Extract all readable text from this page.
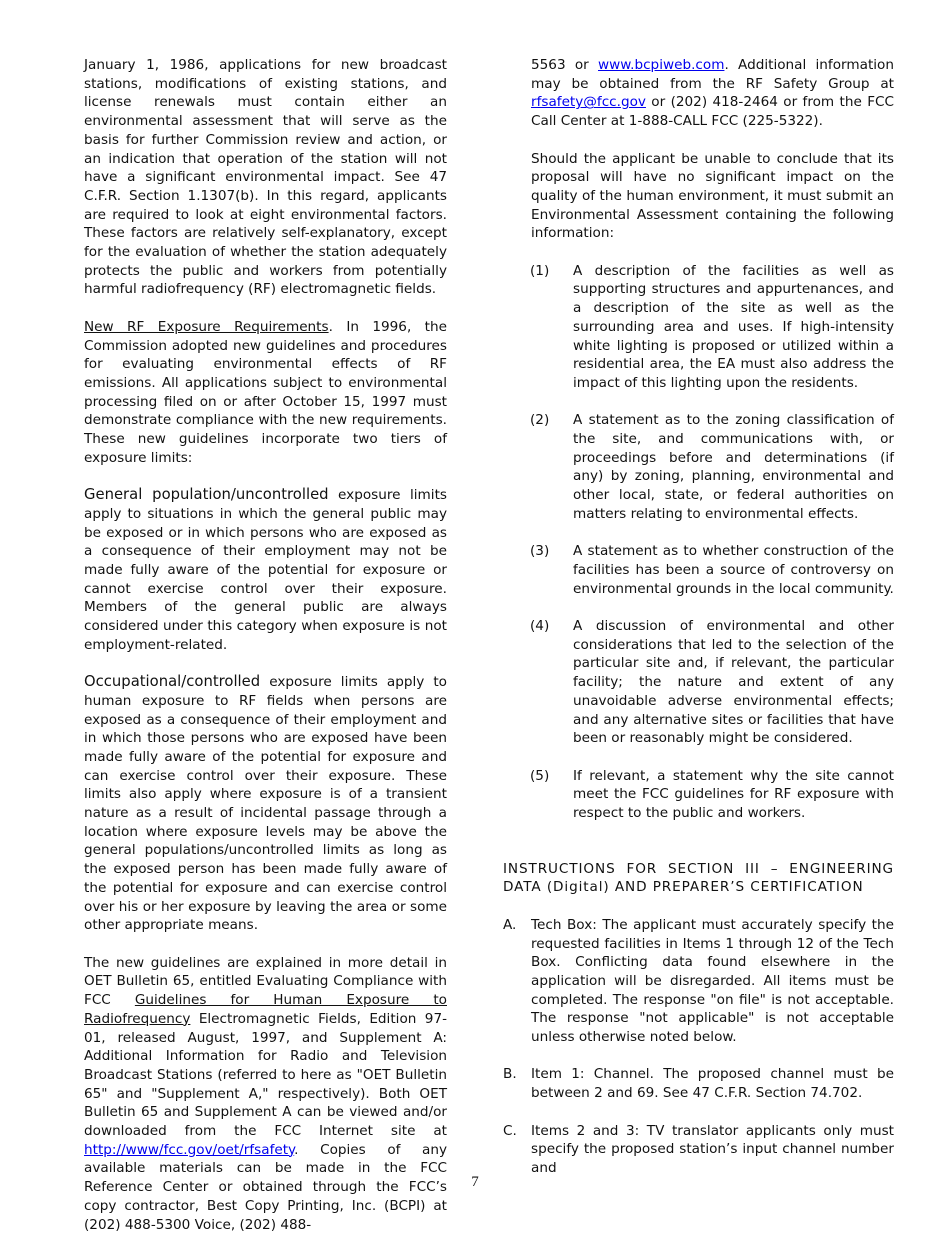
January 1, 1986, applications for new broadcast stations, modifications of existing stations, and license renewals must contain either an environmental assessment that will serve as the basis for further Commission review and action, or an indication that operation of the station will not have a significant environmental impact. See 47 C.F.R. Section 1.1307(b). In this regard, applicants are required to look at eight environmental factors. These factors are relatively self-explanatory, except for the evaluation of whether the station adequately protects the public and workers from potentially harmful radiofrequency (RF) electromagnetic fields.

New RF Exposure Requirements. In 1996, the Commission adopted new guidelines and procedures for evaluating environmental effects of RF emissions. All applications subject to environmental processing filed on or after October 15, 1997 must demonstrate compliance with the new requirements. These new guidelines incorporate two tiers of exposure limits:

General population/uncontrolled exposure limits apply to situations in which the general public may be exposed or in which persons who are exposed as a consequence of their employment may not be made fully aware of the potential for exposure or cannot exercise control over their exposure. Members of the general public are always considered under this category when exposure is not employment-related.

Occupational/controlled exposure limits apply to human exposure to RF fields when persons are exposed as a consequence of their employment and in which those persons who are exposed have been made fully aware of the potential for exposure and can exercise control over their exposure. These limits also apply where exposure is of a transient nature as a result of incidental passage through a location where exposure levels may be above the general populations/uncontrolled limits as long as the exposed person has been made fully aware of the potential for exposure and can exercise control over his or her exposure by leaving the area or some other appropriate means.

The new guidelines are explained in more detail in OET Bulletin 65, entitled Evaluating Compliance with FCC Guidelines for Human Exposure to Radiofrequency Electromagnetic Fields, Edition 97-01, released August, 1997, and Supplement A: Additional Information for Radio and Television Broadcast Stations (referred to here as "OET Bulletin 65" and "Supplement A," respectively). Both OET Bulletin 65 and Supplement A can be viewed and/or downloaded from the FCC Internet site at http://www/fcc.gov/oet/rfsafety. Copies of any available materials can be made in the FCC Reference Center or obtained through the FCC’s copy contractor, Best Copy Printing, Inc. (BCPI) at (202) 488-5300 Voice, (202) 488-

5563 or www.bcpiweb.com. Additional information may be obtained from the RF Safety Group at rfsafety@fcc.gov or (202) 418-2464 or from the FCC Call Center at 1-888-CALL FCC (225-5322).

Should the applicant be unable to conclude that its proposal will have no significant impact on the quality of the human environment, it must submit an Environmental Assessment containing the following information:

(1)	A description of the facilities as well as supporting structures and appurtenances, and a description of the site as well as the surrounding area and uses. If high-intensity white lighting is proposed or utilized within a residential area, the EA must also address the impact of this lighting upon the residents.
(2)	A statement as to the zoning classification of the site, and communications with, or proceedings before and determinations (if any) by zoning, planning, environmental and other local, state, or federal authorities on matters relating to environmental effects.
(3)	A statement as to whether construction of the facilities has been a source of controversy on environmental grounds in the local community.
(4)	A discussion of environmental and other considerations that led to the selection of the particular site and, if relevant, the particular facility; the nature and extent of any unavoidable adverse environmental effects; and any alternative sites or facilities that have been or reasonably might be considered.
(5)	If relevant, a statement why the site cannot meet the FCC guidelines for RF exposure with respect to the public and workers.

INSTRUCTIONS FOR SECTION III – ENGINEERING DATA (Digital) AND PREPARER’S CERTIFICATION

A.	Tech Box: The applicant must accurately specify the requested facilities in Items 1 through 12 of the Tech Box. Conflicting data found elsewhere in the application will be disregarded. All items must be completed. The response "on file" is not acceptable. The response "not applicable" is not acceptable unless otherwise noted below.
B.	Item 1: Channel. The proposed channel must be between 2 and 69. See 47 C.F.R. Section 74.702.
C.	Items 2 and 3: TV translator applicants only must specify the proposed station’s input channel number and
7
